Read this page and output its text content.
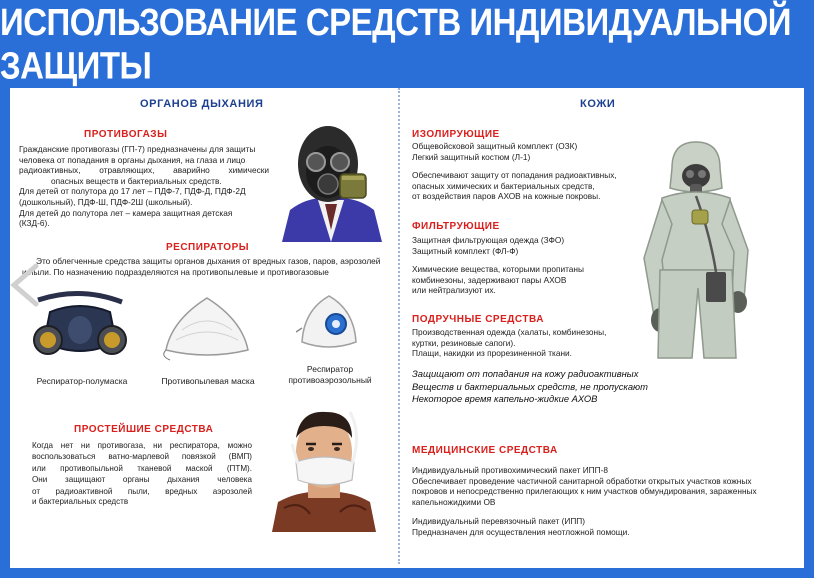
ИСПОЛЬЗОВАНИЕ СРЕДСТВ ИНДИВИДУАЛЬНОЙ ЗАЩИТЫ
ОРГАНОВ ДЫХАНИЯ
ПРОТИВОГАЗЫ
Гражданские противогазы (ГП-7) предназначены для защиты
человека от попадания в органы дыхания, на глаза и лицо
радиоактивных, отравляющих, аварийно химически
опасных веществ и бактериальных средств.
Для детей от полутора до 17 лет – ПДФ-7, ПДФ-Д, ПДФ-2Д
(дошкольный), ПДФ-Ш, ПДФ-2Ш (школьный).
Для детей до полутора лет – камера защитная детская
(КЗД-6).
РЕСПИРАТОРЫ
Это облегченные средства защиты органов дыхания от вредных газов, паров, аэрозолей
и пыли. По назначению подразделяются на противопылевые и противогазовые
Респиратор-полумаска	Противопылевая маска
Респиратор противоаэрозольный
ПРОСТЕЙШИЕ СРЕДСТВА
Когда нет ни противогаза, ни респиратора, можно
воспользоваться ватно-марлевой повязкой (ВМП)
или противопыльной тканевой маской (ПТМ).
Они защищают органы дыхания человека
от радиоактивной пыли, вредных аэрозолей
и бактериальных средств
КОЖИ
ИЗОЛИРУЮЩИЕ
Общевойсковой защитный комплект (ОЗК)
Легкий защитный костюм (Л-1)
Обеспечивают защиту от попадания радиоактивных,
опасных химических и бактериальных средств,
от воздействия паров АХОВ на кожные покровы.
ФИЛЬТРУЮЩИЕ
Защитная фильтрующая одежда (ЗФО)
Защитный комплект (ФЛ-Ф)
Химические вещества, которыми пропитаны
комбинезоны, задерживают пары АХОВ
или нейтрализуют их.
ПОДРУЧНЫЕ СРЕДСТВА
Производственная одежда (халаты, комбинезоны,
куртки, резиновые сапоги).
Плащи, накидки из прорезиненной ткани.
Защищают от попадания на кожу радиоактивных
Веществ и бактериальных средств, не пропускают
Некоторое время капельно-жидкие АХОВ
МЕДИЦИНСКИЕ СРЕДСТВА
Индивидуальный противохимический пакет ИПП-8
Обеспечивает проведение частичной санитарной обработки открытых участков кожных
покровов и непосредственно прилегающих к ним участков обмундирования, зараженных
капельножидкими ОВ
Индивидуальный перевязочный пакет (ИПП)
Предназначен для осуществления неотложной помощи.
